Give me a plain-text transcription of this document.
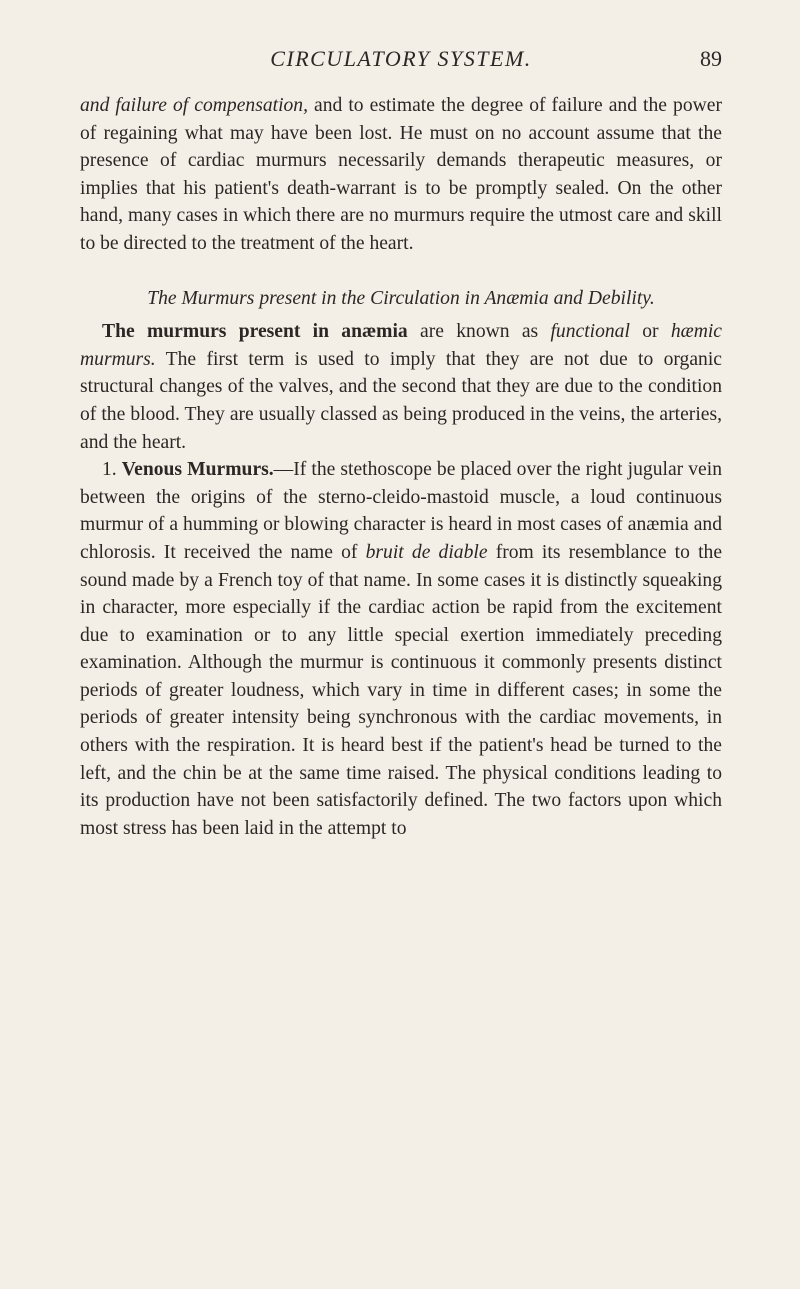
CIRCULATORY SYSTEM.	89

and failure of compensation, and to estimate the degree of failure and the power of regaining what may have been lost. He must on no account assume that the presence of cardiac murmurs necessarily demands therapeutic measures, or implies that his patient's death-warrant is to be promptly sealed. On the other hand, many cases in which there are no murmurs require the utmost care and skill to be directed to the treatment of the heart.

The Murmurs present in the Circulation in Anæmia and Debility.

The murmurs present in anæmia are known as functional or hæmic murmurs. The first term is used to imply that they are not due to organic structural changes of the valves, and the second that they are due to the condition of the blood. They are usually classed as being produced in the veins, the arteries, and the heart.

1. Venous Murmurs.—If the stethoscope be placed over the right jugular vein between the origins of the sterno-cleido-mastoid muscle, a loud continuous murmur of a humming or blowing character is heard in most cases of anæmia and chlorosis. It received the name of bruit de diable from its resemblance to the sound made by a French toy of that name. In some cases it is distinctly squeaking in character, more especially if the cardiac action be rapid from the excitement due to examination or to any little special exertion immediately preceding examination. Although the murmur is continuous it commonly presents distinct periods of greater loudness, which vary in time in different cases; in some the periods of greater intensity being synchronous with the cardiac movements, in others with the respiration. It is heard best if the patient's head be turned to the left, and the chin be at the same time raised. The physical conditions leading to its production have not been satisfactorily defined. The two factors upon which most stress has been laid in the attempt to
